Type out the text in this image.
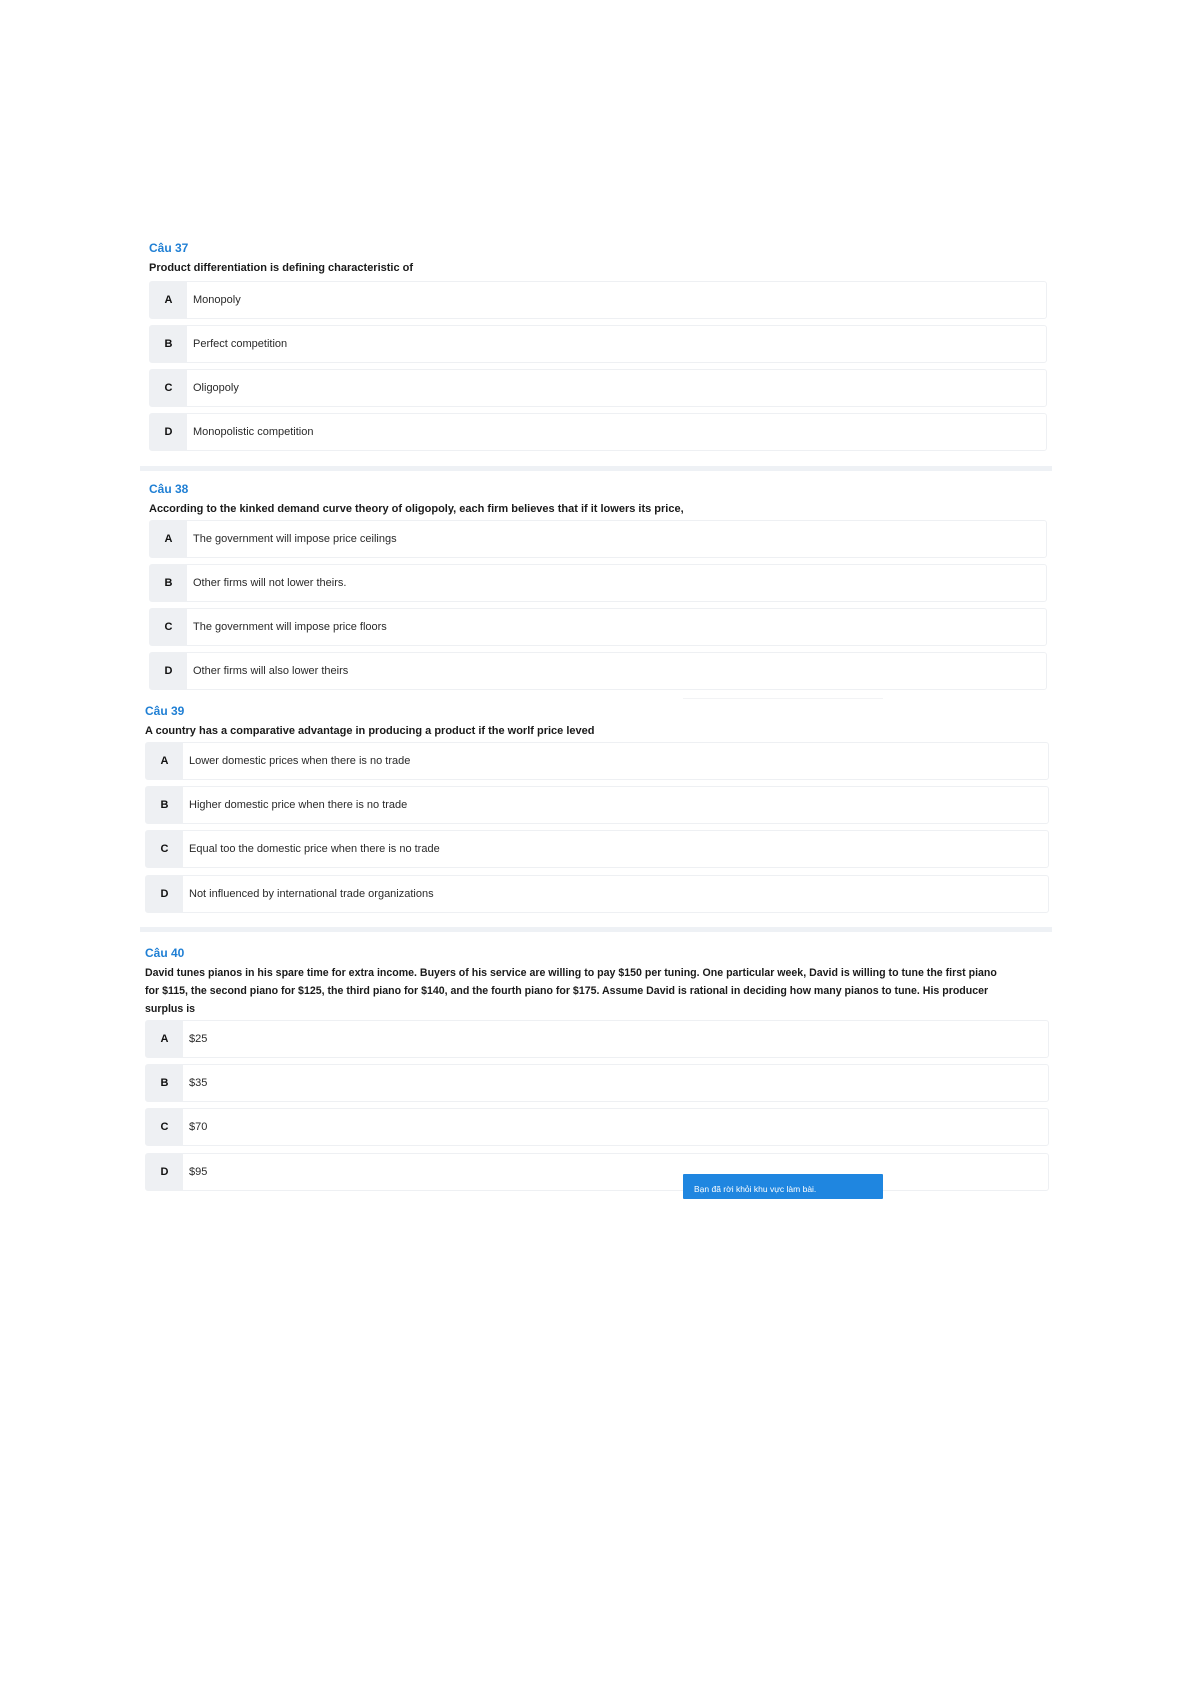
Câu 37
Product differentiation is defining characteristic of
A	Monopoly
B	Perfect competition
C	Oligopoly
D	Monopolistic competition
Câu 38
According to the kinked demand curve theory of oligopoly, each firm believes that if it lowers its price,
A	The government will impose price ceilings
B	Other firms will not lower theirs.
C	The government will impose price floors
D	Other firms will also lower theirs
Câu 39
A country has a comparative advantage in producing a product if the worlf price leved
A	Lower domestic prices when there is no trade
B	Higher domestic price when there is no trade
C	Equal too the domestic price when there is no trade
D	Not influenced by international trade organizations
Câu 40
David tunes pianos in his spare time for extra income. Buyers of his service are willing to pay $150 per tuning. One particular week, David is willing to tune the first piano
for $115, the second piano for $125, the third piano for $140, and the fourth piano for $175. Assume David is rational in deciding how many pianos to tune. His producer
surplus is
A	$25
B	$35
C	$70
D	$95
Bạn đã rời khỏi khu vực làm bài.
